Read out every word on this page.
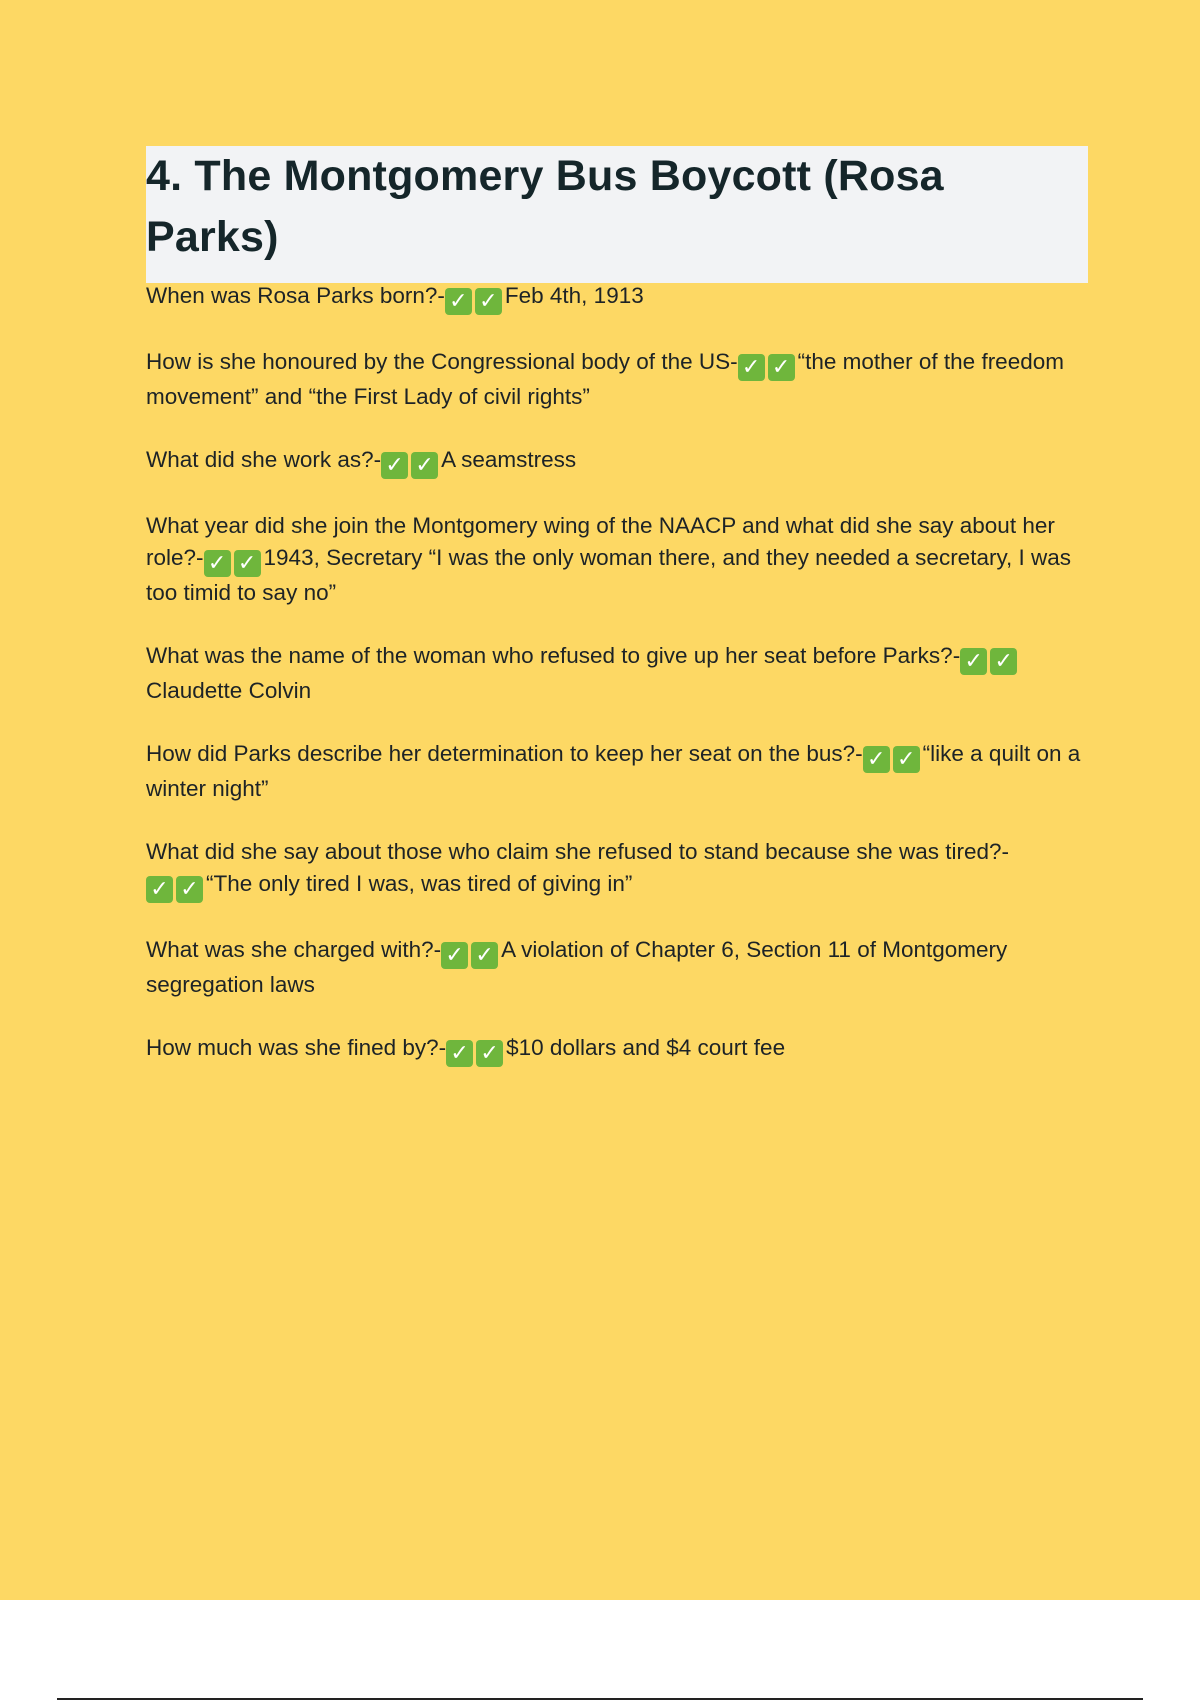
4. The Montgomery Bus Boycott (Rosa Parks)

When was Rosa Parks born?- ✓ ✓ Feb 4th, 1913

How is she honoured by the Congressional body of the US- ✓ ✓ “the mother of the freedom movement” and “the First Lady of civil rights”

What did she work as?- ✓ ✓ A seamstress

What year did she join the Montgomery wing of the NAACP and what did she say about her role?- ✓ ✓ 1943, Secretary “I was the only woman there, and they needed a secretary, I was too timid to say no”

What was the name of the woman who refused to give up her seat before Parks?- ✓ ✓Claudette Colvin

How did Parks describe her determination to keep her seat on the bus?- ✓ ✓ “like a quilt on a winter night”

What did she say about those who claim she refused to stand because she was tired?-✓ ✓ “The only tired I was, was tired of giving in”

What was she charged with?- ✓ ✓ A violation of Chapter 6, Section 11 of Montgomery segregation laws

How much was she fined by?- ✓ ✓ $10 dollars and $4 court fee
